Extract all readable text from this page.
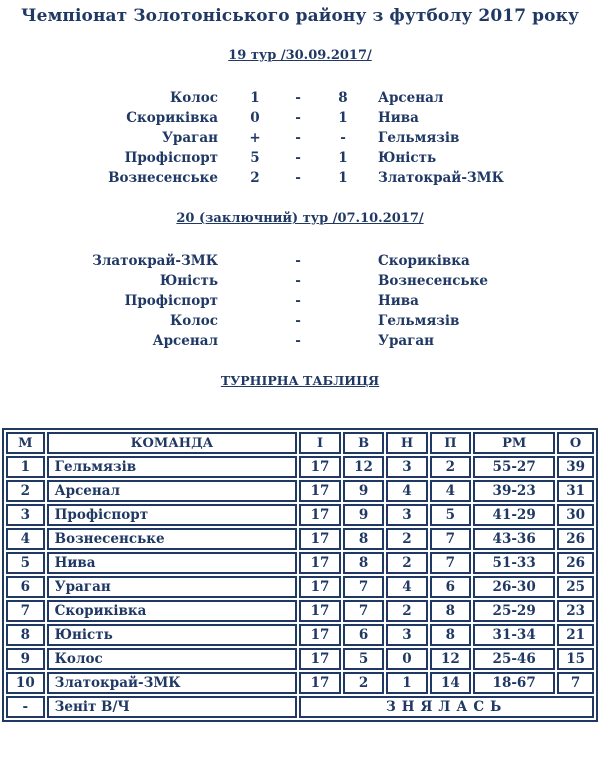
Чемпіонат Золотоніського району з футболу 2017 року
19 тур /30.09.2017/
Колос	1	-	8	Арсенал
Скориківка	0	-	1	Нива
Ураган	+	-	-	Гельмязів
Профіспорт	5	-	1	Юність
Вознесенське	2	-	1	Златокрай-ЗМК
20 (заключний) тур /07.10.2017/
Златокрай-ЗМК	-	Скориківка
Юність	-	Вознесенське
Профіспорт	-	Нива
Колос	-	Гельмязів
Арсенал	-	Ураган
ТУРНІРНА ТАБЛИЦЯ
М	КОМАНДА	І	В	Н	П	РМ	О
1	Гельмязів	17	12	3	2	55-27	39
2	Арсенал	17	9	4	4	39-23	31
3	Профіспорт	17	9	3	5	41-29	30
4	Вознесенське	17	8	2	7	43-36	26
5	Нива	17	8	2	7	51-33	26
6	Ураган	17	7	4	6	26-30	25
7	Скориківка	17	7	2	8	25-29	23
8	Юність	17	6	3	8	31-34	21
9	Колос	17	5	0	12	25-46	15
10	Златокрай-ЗМК	17	2	1	14	18-67	7
-	Зеніт В/Ч	ЗНЯЛАСЬ					
